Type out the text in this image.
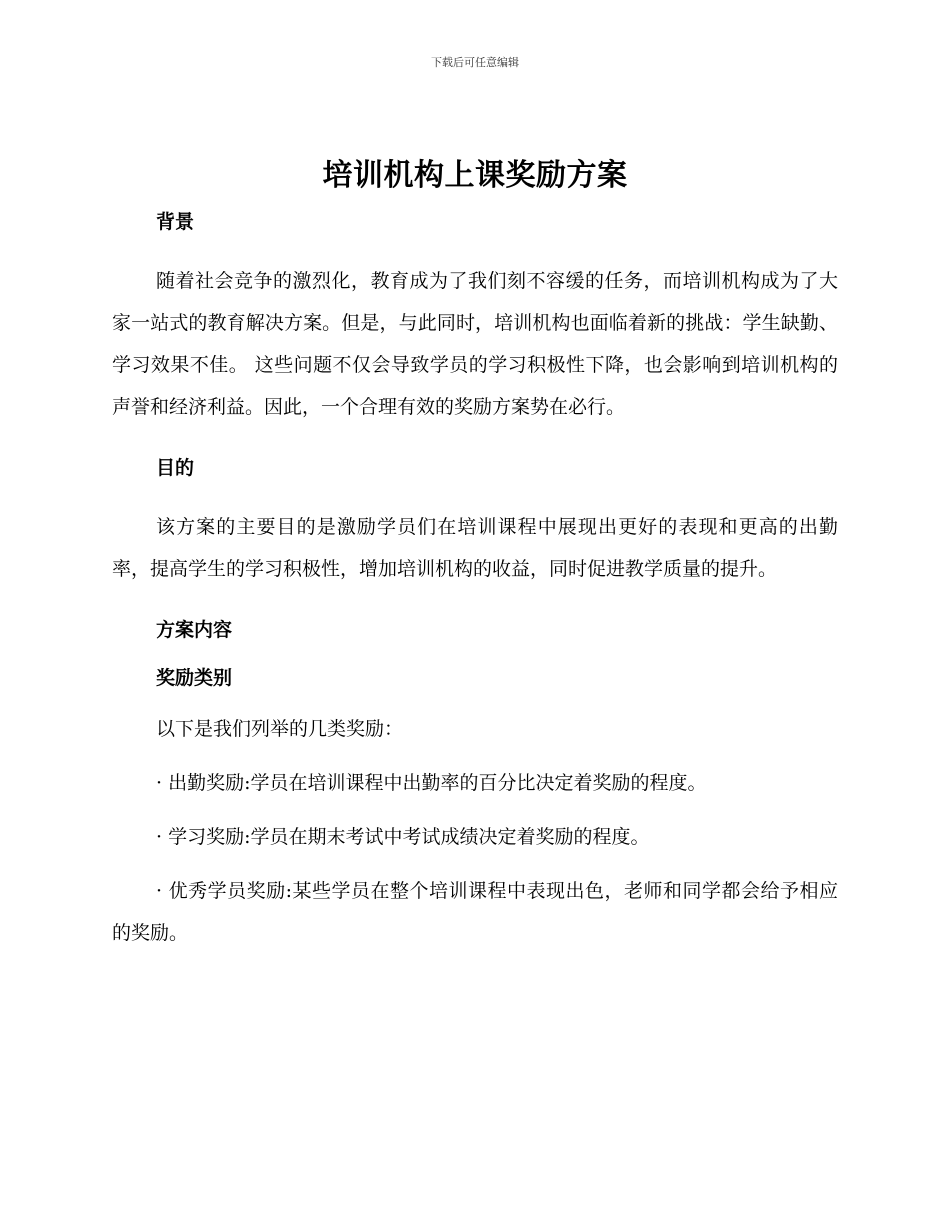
下载后可任意编辑
培训机构上课奖励方案
背景

随着社会竞争的激烈化，教育成为了我们刻不容缓的任务，而培训机构成为了大家一站式的教育解决方案。但是，与此同时，培训机构也面临着新的挑战：学生缺勤、学习效果不佳。 这些问题不仅会导致学员的学习积极性下降，也会影响到培训机构的声誉和经济利益。因此，一个合理有效的奖励方案势在必行。

目的

该方案的主要目的是激励学员们在培训课程中展现出更好的表现和更高的出勤率，提高学生的学习积极性，增加培训机构的收益，同时促进教学质量的提升。

方案内容
奖励类别

以下是我们列举的几类奖励：

· 出勤奖励:学员在培训课程中出勤率的百分比决定着奖励的程度。

· 学习奖励:学员在期末考试中考试成绩决定着奖励的程度。

· 优秀学员奖励:某些学员在整个培训课程中表现出色，老师和同学都会给予相应的奖励。
